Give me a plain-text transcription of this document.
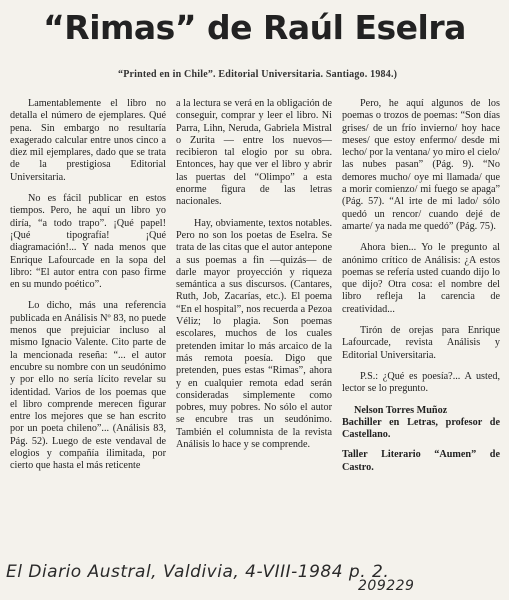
“Rimas” de Raúl Eselra
“Printed en in Chile”. Editorial Universitaria. Santiago. 1984.)

Lamentablemente el libro no detalla el número de ejemplares. Qué pena. Sin embargo no resultaría exagerado calcular entre unos cinco a diez mil ejemplares, dado que se trata de la prestigiosa Editorial Universitaria.

No es fácil publicar en estos tiempos. Pero, he aquí un libro yo diría, “a todo trapo”. ¡Qué papel! ¡Qué tipografía! ¡Qué diagramación!... Y nada menos que Enrique Lafourcade en la sopa del libro: “El autor entra con paso firme en su mundo poético”.

Lo dicho, más una referencia publicada en Análisis Nº 83, no puede menos que prejuiciar incluso al mismo Ignacio Valente. Cito parte de la mencionada reseña: “... el autor encubre su nombre con un seudónimo y por ello no sería lícito revelar su identidad. Varios de los poemas que el libro comprende merecen figurar entre los mejores que se han escrito por un poeta chileno”... (Análisis 83, Pág. 52). Luego de este vendaval de elogios y compañía ilimitada, por cierto que hasta el más reticente

a la lectura se verá en la obligación de conseguir, comprar y leer el libro. Ni Parra, Lihn, Neruda, Gabriela Mistral o Zurita — entre los nuevos— recibieron tal elogio por su obra. Entonces, hay que ver el libro y abrir las puertas del “Olimpo” a esta enorme figura de las letras nacionales.

Hay, obviamente, textos notables. Pero no son los poetas de Eselra. Se trata de las citas que el autor antepone a sus poemas a fin —quizás— de darle mayor proyección y riqueza semántica a sus discursos. (Cantares, Ruth, Job, Zacarías, etc.). El poema “En el hospital”, nos recuerda a Pezoa Véliz; lo plagia. Son poemas escolares, muchos de los cuales pretenden imitar lo más arcaico de la más remota poesía. Digo que pretenden, pues estas “Rimas”, ahora y en cualquier remota edad serán consideradas simplemente como pobres, muy pobres. No sólo el autor se encubre tras un seudónimo. También el columnista de la revista Análisis lo hace y se comprende.

Pero, he aquí algunos de los poemas o trozos de poemas: “Son días grises/ de un frío invierno/ hoy hace meses/ que estoy enfermo/ desde mi lecho/ por la ventana/ yo miro el cielo/ las nubes pasan” (Pág. 9). “No demores mucho/ oye mi llamada/ que a morir comienzo/ mi fuego se apaga” (Pág. 57). “Al irte de mi lado/ sólo quedó un rencor/ cuando dejé de amarte/ ya nada me quedó” (Pág. 75).

Ahora bien... Yo le pregunto al anónimo crítico de Análisis: ¿A estos poemas se refería usted cuando dijo lo que dijo? Otra cosa: el nombre del libro refleja la carencia de creatividad...

Tirón de orejas para Enrique Lafourcade, revista Análisis y Editorial Universitaria.

P.S.: ¿Qué es poesía?... A usted, lector se lo pregunto.

Nelson Torres Muñoz
Bachiller en Letras, profesor de Castellano.

Taller Literario “Aumen” de Castro.

El Diario Austral, Valdivia, 4-VIII-1984 p. 2.
209229
